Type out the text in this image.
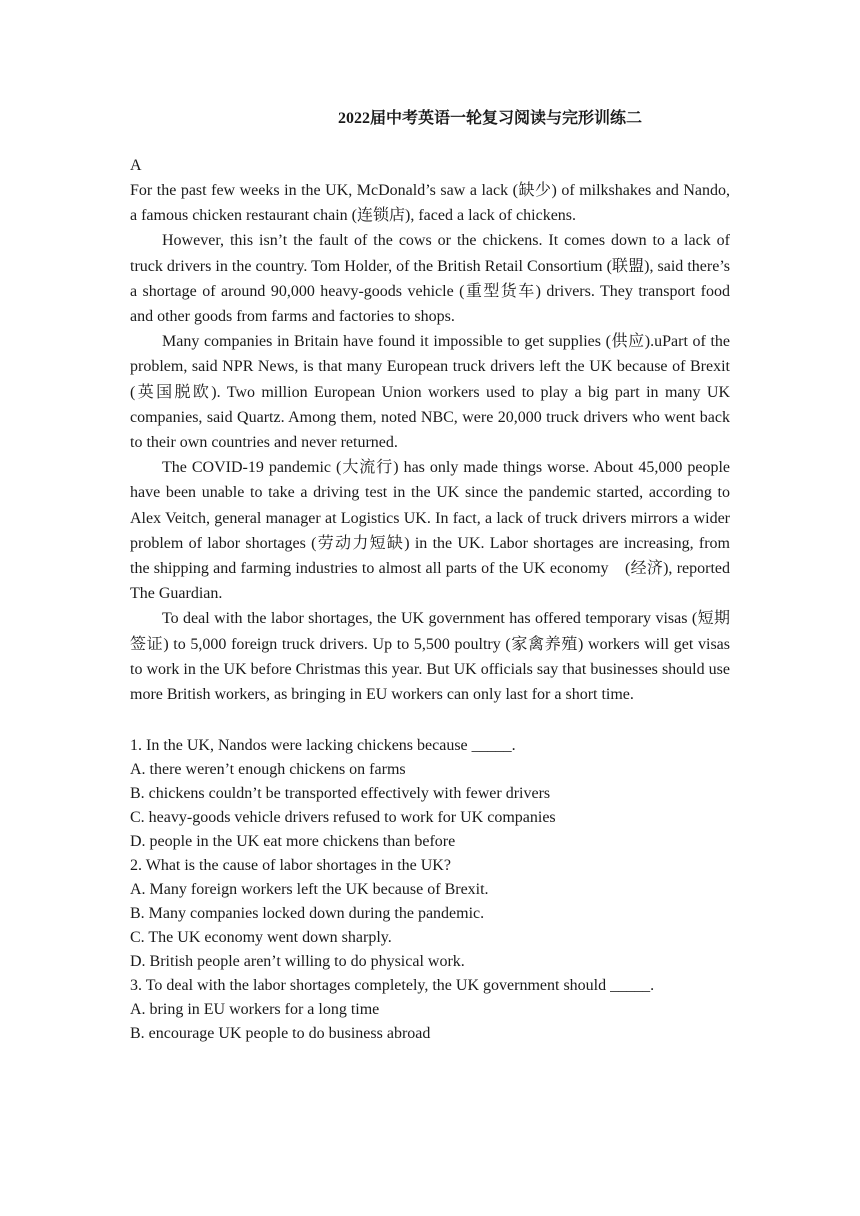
2022届中考英语一轮复习阅读与完形训练二
A

For the past few weeks in the UK, McDonald’s saw a lack (缺少) of milkshakes and Nando, a famous chicken restaurant chain (连锁店), faced a lack of chickens.

However, this isn’t the fault of the cows or the chickens. It comes down to a lack of truck drivers in the country. Tom Holder, of the British Retail Consortium (联盟), said there’s a shortage of around 90,000 heavy-goods vehicle (重型货车) drivers. They transport food and other goods from farms and factories to shops.

Many companies in Britain have found it impossible to get supplies (供应).uPart of the problem, said NPR News, is that many European truck drivers left the UK because of Brexit (英国脱欧). Two million European Union workers used to play a big part in many UK companies, said Quartz. Among them, noted NBC, were 20,000 truck drivers who went back to their own countries and never returned.

The COVID-19 pandemic (大流行) has only made things worse. About 45,000 people have been unable to take a driving test in the UK since the pandemic started, according to Alex Veitch, general manager at Logistics UK. In fact, a lack of truck drivers mirrors a wider problem of labor shortages (劳动力短缺) in the UK. Labor shortages are increasing, from the shipping and farming industries to almost all parts of the UK economy　(经济), reported The Guardian.

To deal with the labor shortages, the UK government has offered temporary visas (短期签证) to 5,000 foreign truck drivers. Up to 5,500 poultry (家禽养殖) workers will get visas to work in the UK before Christmas this year. But UK officials say that businesses should use more British workers, as bringing in EU workers can only last for a short time.

1. In the UK, Nandos were lacking chickens because _____.

A. there weren’t enough chickens on farms

B. chickens couldn’t be transported effectively with fewer drivers

C. heavy-goods vehicle drivers refused to work for UK companies

D. people in the UK eat more chickens than before

2. What is the cause of labor shortages in the UK?

A. Many foreign workers left the UK because of Brexit.

B. Many companies locked down during the pandemic.

C. The UK economy went down sharply.

D. British people aren’t willing to do physical work.

3. To deal with the labor shortages completely, the UK government should _____.

A. bring in EU workers for a long time

B. encourage UK people to do business abroad
